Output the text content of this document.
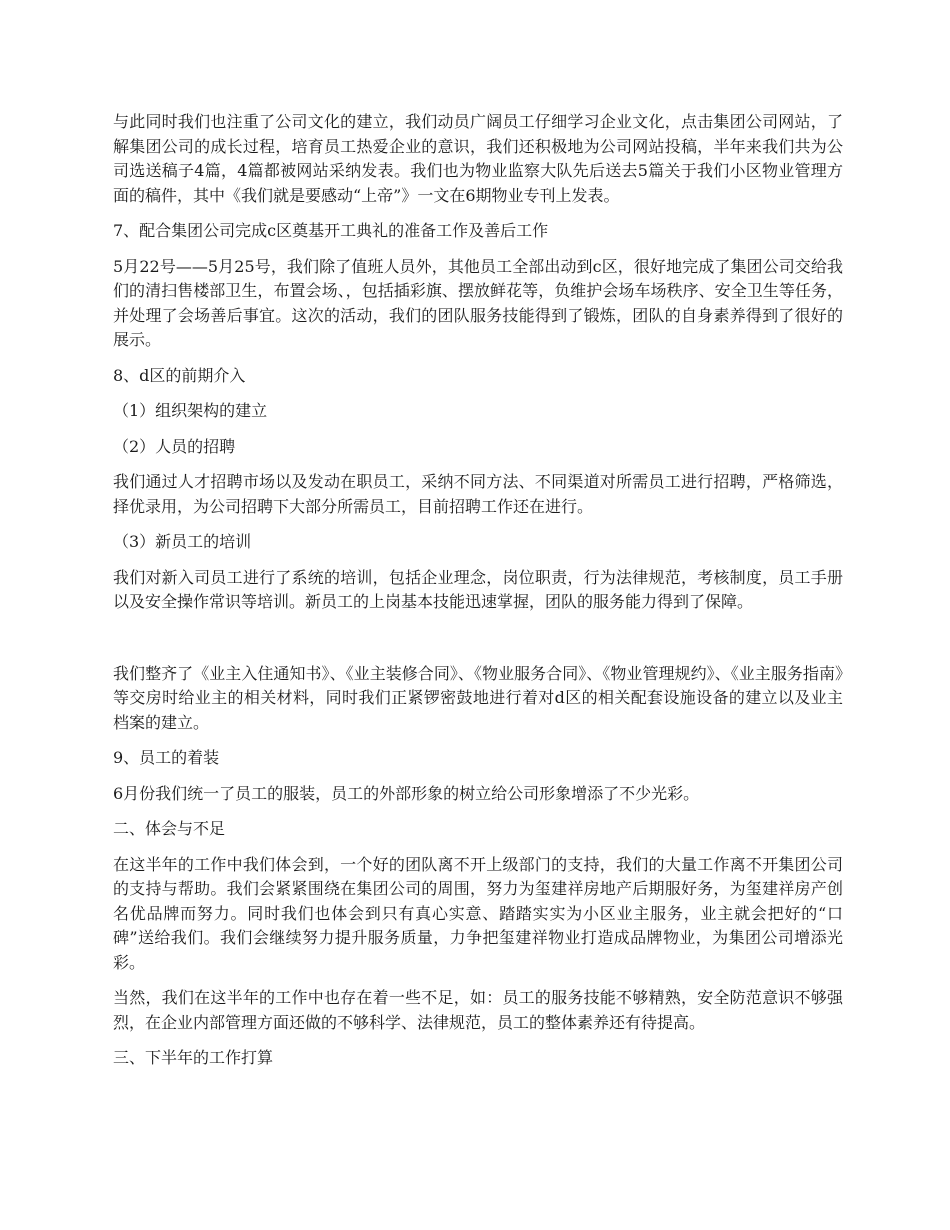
与此同时我们也注重了公司文化的建立，我们动员广阔员工仔细学习企业文化，点击集团公司网站，了解集团公司的成长过程，培育员工热爱企业的意识，我们还积极地为公司网站投稿，半年来我们共为公司选送稿子4篇，4篇都被网站采纳发表。我们也为物业监察大队先后送去5篇关于我们小区物业管理方面的稿件，其中《我们就是要感动“上帝”》一文在6期物业专刊上发表。

7、配合集团公司完成c区奠基开工典礼的准备工作及善后工作

5月22号——5月25号，我们除了值班人员外，其他员工全部出动到c区，很好地完成了集团公司交给我们的清扫售楼部卫生，布置会场、，包括插彩旗、摆放鲜花等，负维护会场车场秩序、安全卫生等任务，并处理了会场善后事宜。这次的活动，我们的团队服务技能得到了锻炼，团队的自身素养得到了很好的展示。

8、d区的前期介入

（1）组织架构的建立

（2）人员的招聘

我们通过人才招聘市场以及发动在职员工，采纳不同方法、不同渠道对所需员工进行招聘，严格筛选，择优录用，为公司招聘下大部分所需员工，目前招聘工作还在进行。

（3）新员工的培训

我们对新入司员工进行了系统的培训，包括企业理念，岗位职责，行为法律规范，考核制度，员工手册以及安全操作常识等培训。新员工的上岗基本技能迅速掌握，团队的服务能力得到了保障。

我们整齐了《业主入住通知书》、《业主装修合同》、《物业服务合同》、《物业管理规约》、《业主服务指南》等交房时给业主的相关材料，同时我们正紧锣密鼓地进行着对d区的相关配套设施设备的建立以及业主档案的建立。

9、员工的着装

6月份我们统一了员工的服装，员工的外部形象的树立给公司形象增添了不少光彩。

二、体会与不足

在这半年的工作中我们体会到，一个好的团队离不开上级部门的支持，我们的大量工作离不开集团公司的支持与帮助。我们会紧紧围绕在集团公司的周围，努力为玺建祥房地产后期服好务，为玺建祥房产创名优品牌而努力。同时我们也体会到只有真心实意、踏踏实实为小区业主服务，业主就会把好的“口碑”送给我们。我们会继续努力提升服务质量，力争把玺建祥物业打造成品牌物业，为集团公司增添光彩。

当然，我们在这半年的工作中也存在着一些不足，如：员工的服务技能不够精熟，安全防范意识不够强烈，在企业内部管理方面还做的不够科学、法律规范，员工的整体素养还有待提高。

三、下半年的工作打算
